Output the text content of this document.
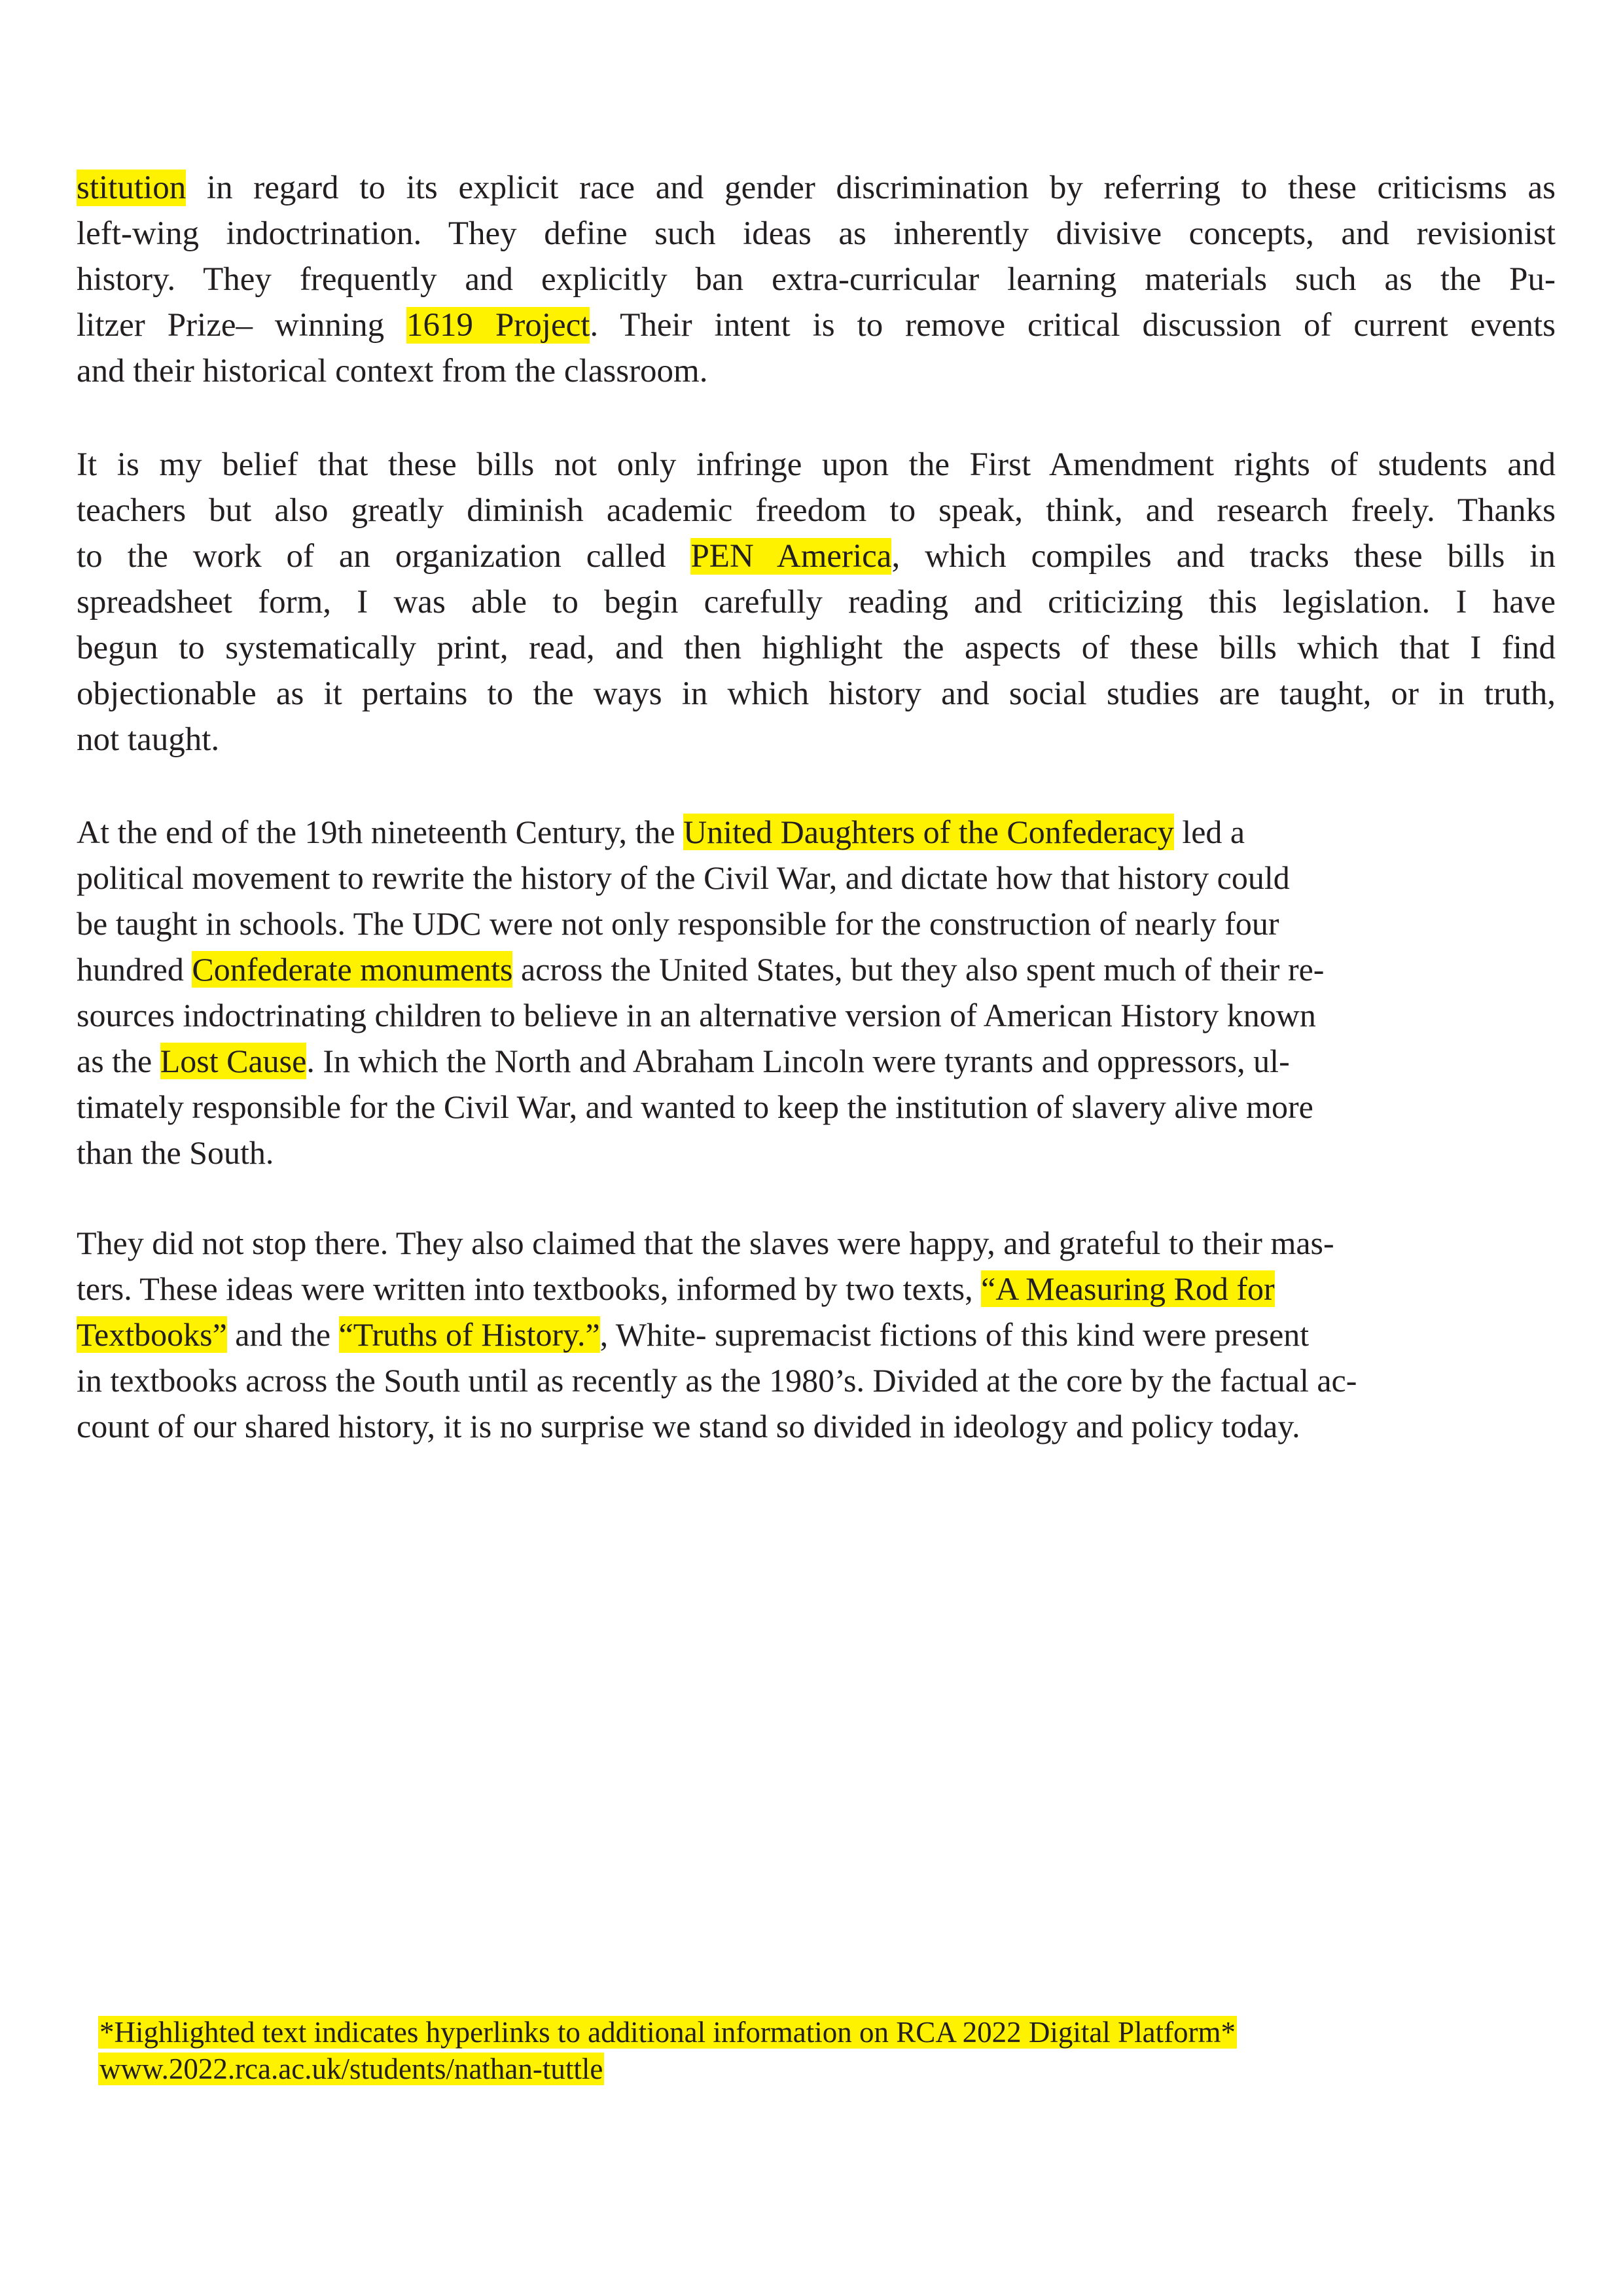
stitution in regard to its explicit race and gender discrimination by referring to these criticisms as
left-wing indoctrination. They define such ideas as inherently divisive concepts, and revisionist
history. They frequently and explicitly ban extra-curricular learning materials such as the Pu-
litzer Prize– winning 1619 Project. Their intent is to remove critical discussion of current events
and their historical context from the classroom.

It is my belief that these bills not only infringe upon the First Amendment rights of students and
teachers but also greatly diminish academic freedom to speak, think, and research freely. Thanks
to the work of an organization called PEN America, which compiles and tracks these bills in
spreadsheet form, I was able to begin carefully reading and criticizing this legislation. I have
begun to systematically print, read, and then highlight the aspects of these bills which that I find
objectionable as it pertains to the ways in which history and social studies are taught, or in truth,
not taught.

At the end of the 19th nineteenth Century, the United Daughters of the Confederacy led a
political movement to rewrite the history of the Civil War, and dictate how that history could
be taught in schools. The UDC were not only responsible for the construction of nearly four
hundred Confederate monuments across the United States, but they also spent much of their re-
sources indoctrinating children to believe in an alternative version of American History known
as the Lost Cause. In which the North and Abraham Lincoln were tyrants and oppressors, ul-
timately responsible for the Civil War, and wanted to keep the institution of slavery alive more
than the South.

They did not stop there. They also claimed that the slaves were happy, and grateful to their mas-
ters. These ideas were written into textbooks, informed by two texts, “A Measuring Rod for
Textbooks” and the “Truths of History.”, White- supremacist fictions of this kind were present
in textbooks across the South until as recently as the 1980’s. Divided at the core by the factual ac-
count of our shared history, it is no surprise we stand so divided in ideology and policy today.

*Highlighted text indicates hyperlinks to additional information on RCA 2022 Digital Platform*
www.2022.rca.ac.uk/students/nathan-tuttle
